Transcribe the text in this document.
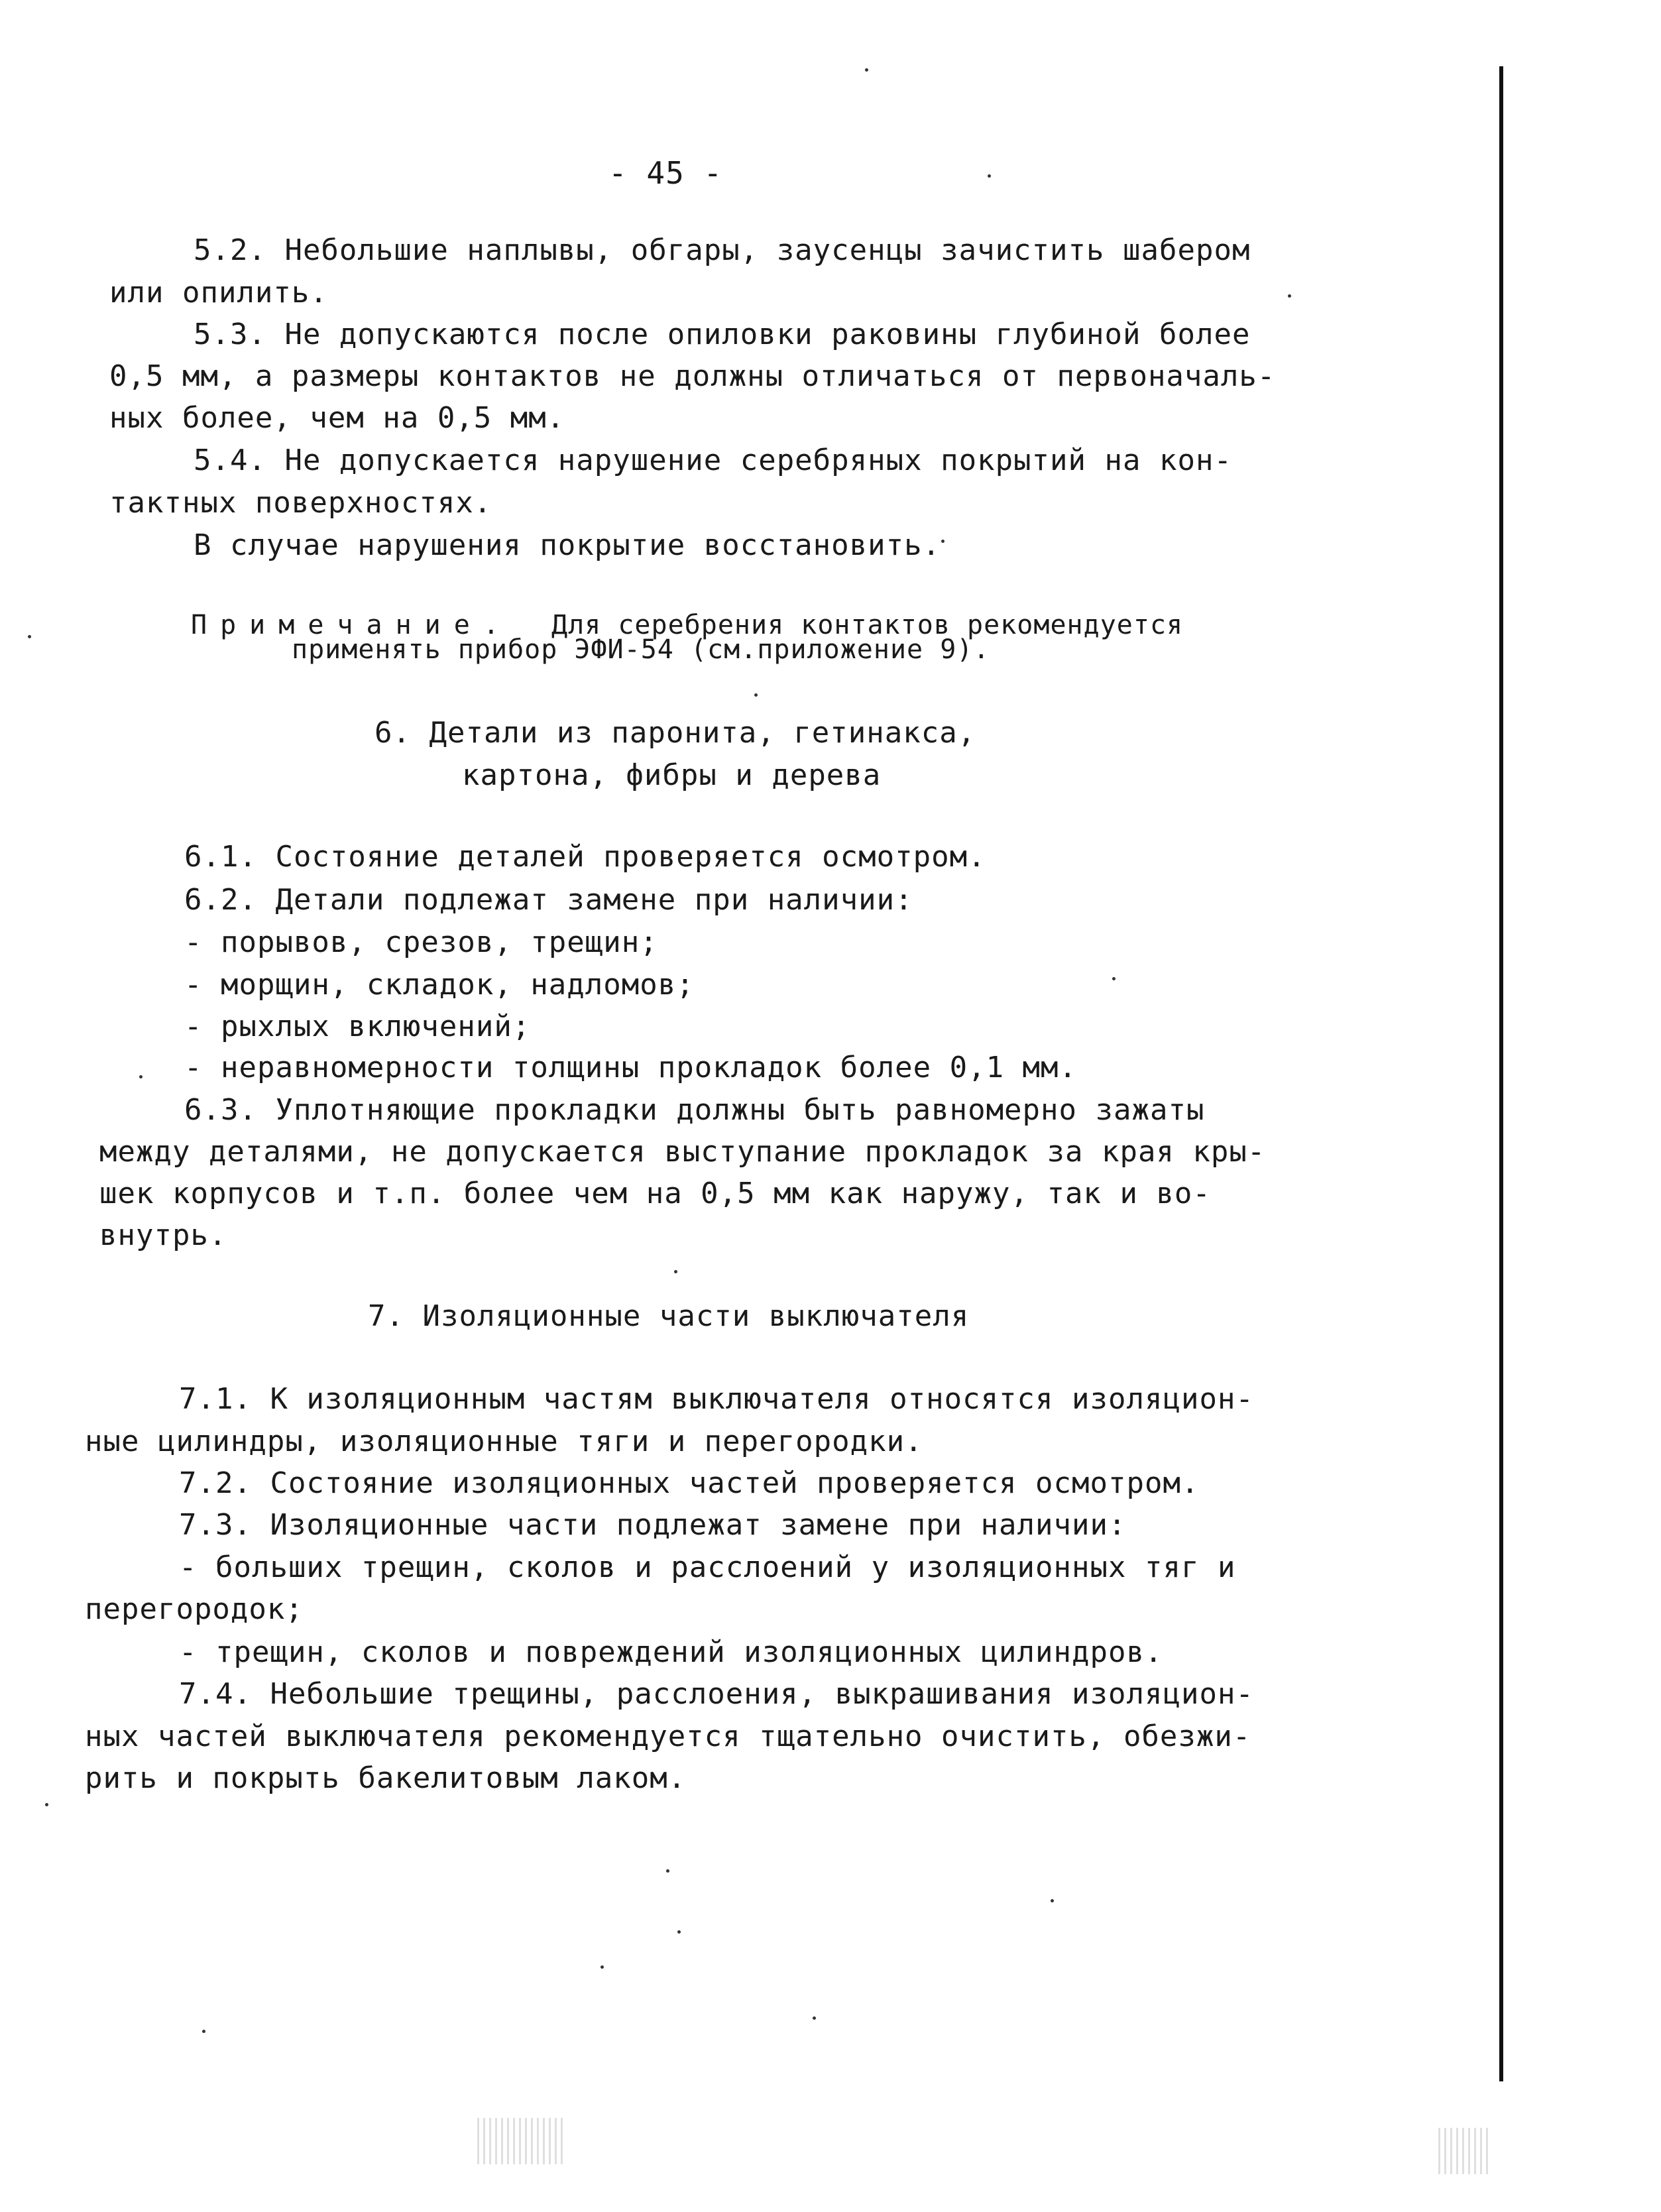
- 45 -
5.2. Небольшие наплывы, обгары, заусенцы зачистить шабером
или опилить.
5.3. Не допускаются после опиловки раковины глубиной более
0,5 мм, а размеры контактов не должны отличаться от первоначаль-
ных более, чем на 0,5 мм.
5.4. Не допускается нарушение серебряных покрытий на кон-
тактных поверхностях.
В случае нарушения покрытие восстановить.
Примечание. Для серебрения контактов рекомендуется
применять прибор ЭФИ-54 (см.приложение 9).
6. Детали из паронита, гетинакса,
картона, фибры и дерева
6.1. Состояние деталей проверяется осмотром.
6.2. Детали подлежат замене при наличии:
- порывов, срезов, трещин;
- морщин, складок, надломов;
- рыхлых включений;
- неравномерности толщины прокладок более 0,1 мм.
6.3. Уплотняющие прокладки должны быть равномерно зажаты
между деталями, не допускается выступание прокладок за края кры-
шек корпусов и т.п. более чем на 0,5 мм как наружу, так и во-
внутрь.
7. Изоляционные части выключателя
7.1. К изоляционным частям выключателя относятся изоляцион-
ные цилиндры, изоляционные тяги и перегородки.
7.2. Состояние изоляционных частей проверяется осмотром.
7.3. Изоляционные части подлежат замене при наличии:
- больших трещин, сколов и расслоений у изоляционных тяг и
перегородок;
- трещин, сколов и повреждений изоляционных цилиндров.
7.4. Небольшие трещины, расслоения, выкрашивания изоляцион-
ных частей выключателя рекомендуется тщательно очистить, обезжи-
рить и покрыть бакелитовым лаком.
